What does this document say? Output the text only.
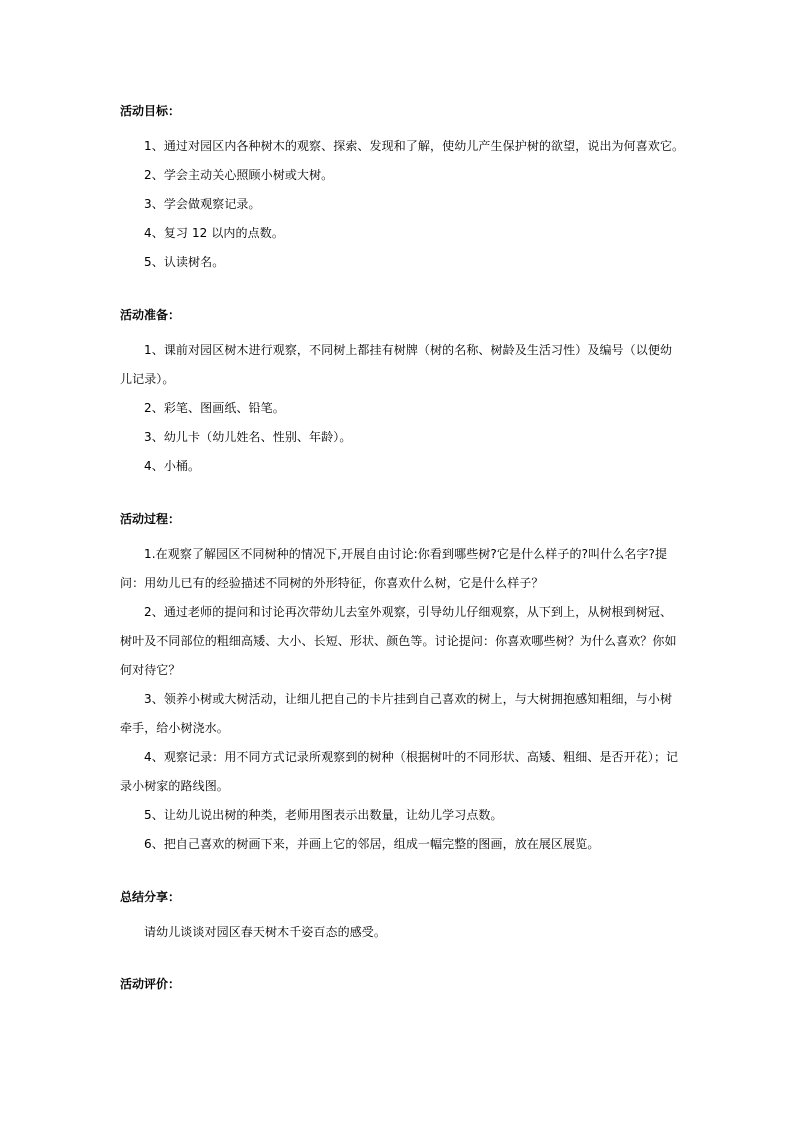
活动目标：

1、通过对园区内各种树木的观察、探索、发现和了解，使幼儿产生保护树的欲望，说出为何喜欢它。

2、学会主动关心照顾小树或大树。

3、学会做观察记录。

4、复习 12 以内的点数。

5、认读树名。

活动准备：

1、课前对园区树木进行观察，不同树上都挂有树牌（树的名称、树龄及生活习性）及编号（以便幼儿记录）。

2、彩笔、图画纸、铅笔。

3、幼儿卡（幼儿姓名、性别、年龄）。

4、小桶。

活动过程：

1.在观察了解园区不同树种的情况下,开展自由讨论:你看到哪些树?它是什么样子的?叫什么名字?提问：用幼儿已有的经验描述不同树的外形特征，你喜欢什么树，它是什么样子？

2、通过老师的提问和讨论再次带幼儿去室外观察，引导幼儿仔细观察，从下到上，从树根到树冠、树叶及不同部位的粗细高矮、大小、长短、形状、颜色等。讨论提问：你喜欢哪些树？为什么喜欢？你如何对待它？

3、领养小树或大树活动，让细儿把自己的卡片挂到自己喜欢的树上，与大树拥抱感知粗细，与小树牵手，给小树浇水。

4、观察记录：用不同方式记录所观察到的树种（根据树叶的不同形状、高矮、粗细、是否开花）；记录小树家的路线图。

5、让幼儿说出树的种类，老师用图表示出数量，让幼儿学习点数。

6、把自己喜欢的树画下来，并画上它的邻居，组成一幅完整的图画，放在展区展览。

总结分享：

请幼儿谈谈对园区春天树木千姿百态的感受。

活动评价：
